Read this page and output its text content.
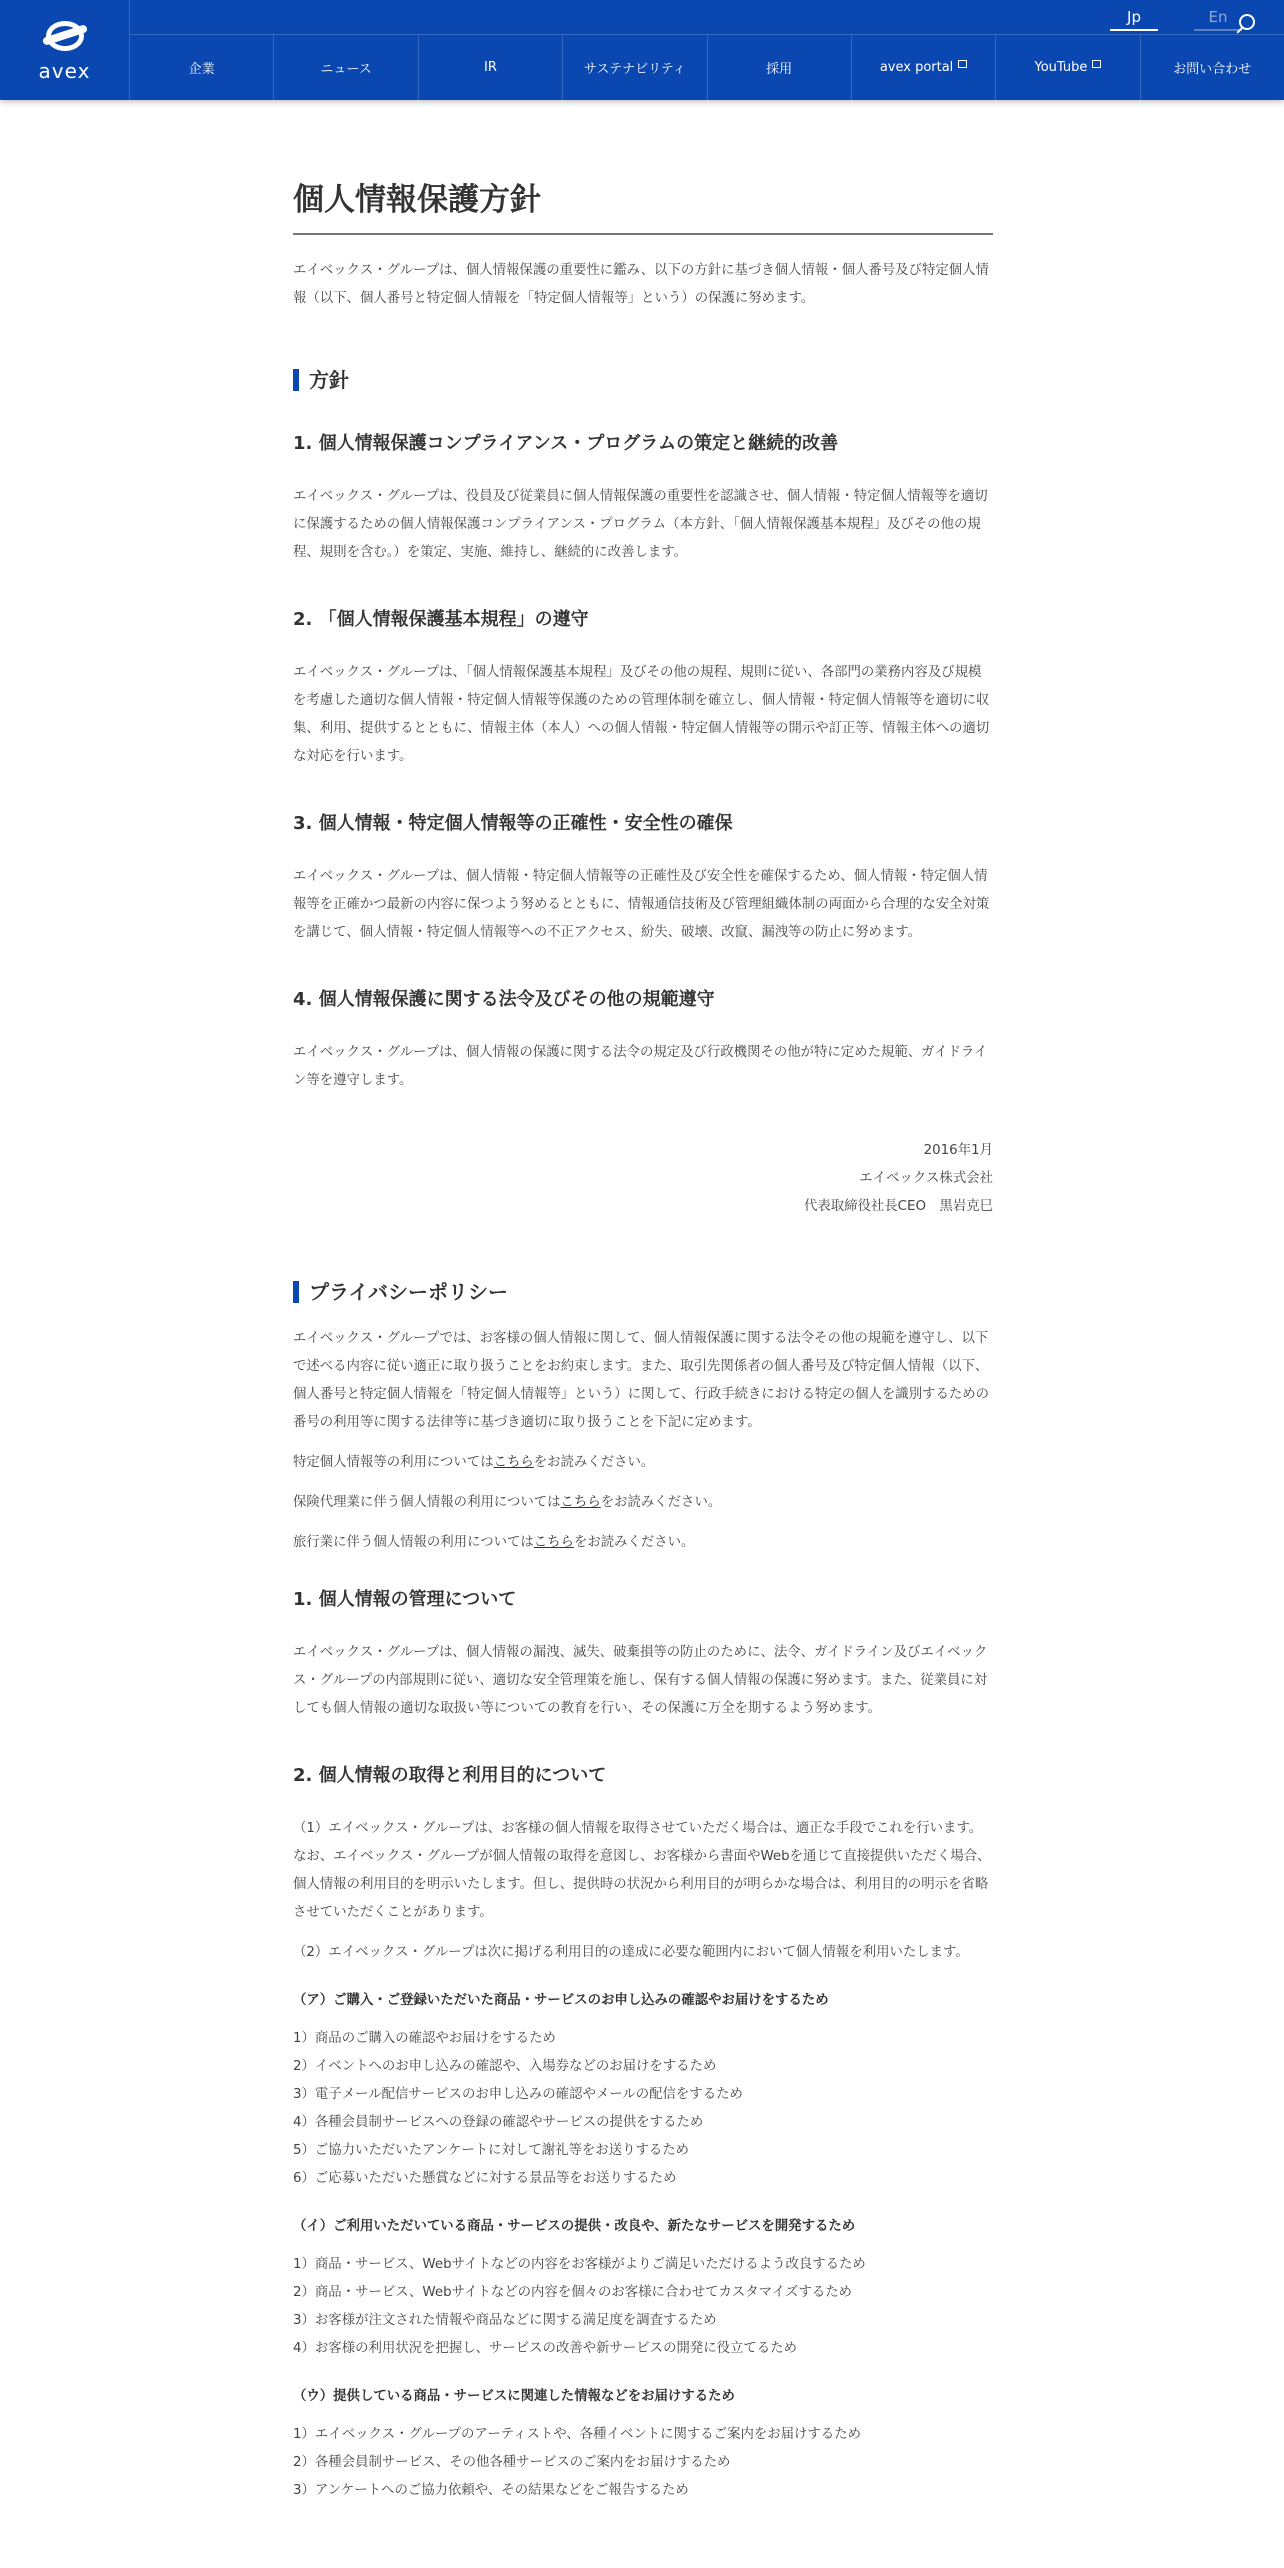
avex
Jp	En
企業	ニュース	IR	サステナビリティ	採用	avex portal	YouTube	お問い合わせ
個人情報保護方針

エイベックス・グループは、個人情報保護の重要性に鑑み、以下の方針に基づき個人情報・個人番号及び特定個人情報（以下、個人番号と特定個人情報を「特定個人情報等」という）の保護に努めます。

方針
1. 個人情報保護コンプライアンス・プログラムの策定と継続的改善

エイベックス・グループは、役員及び従業員に個人情報保護の重要性を認識させ、個人情報・特定個人情報等を適切に保護するための個人情報保護コンプライアンス・プログラム（本方針、「個人情報保護基本規程」及びその他の規程、規則を含む。）を策定、実施、維持し、継続的に改善します。

2. 「個人情報保護基本規程」の遵守

エイベックス・グループは、「個人情報保護基本規程」及びその他の規程、規則に従い、各部門の業務内容及び規模を考慮した適切な個人情報・特定個人情報等保護のための管理体制を確立し、個人情報・特定個人情報等を適切に収集、利用、提供するとともに、情報主体（本人）への個人情報・特定個人情報等の開示や訂正等、情報主体への適切な対応を行います。

3. 個人情報・特定個人情報等の正確性・安全性の確保

エイベックス・グループは、個人情報・特定個人情報等の正確性及び安全性を確保するため、個人情報・特定個人情報等を正確かつ最新の内容に保つよう努めるとともに、情報通信技術及び管理組織体制の両面から合理的な安全対策を講じて、個人情報・特定個人情報等への不正アクセス、紛失、破壊、改竄、漏洩等の防止に努めます。

4. 個人情報保護に関する法令及びその他の規範遵守

エイベックス・グループは、個人情報の保護に関する法令の規定及び行政機関その他が特に定めた規範、ガイドライン等を遵守します。

2016年1月
エイベックス株式会社
代表取締役社長CEO　黒岩克巳
プライバシーポリシー

エイベックス・グループでは、お客様の個人情報に関して、個人情報保護に関する法令その他の規範を遵守し、以下で述べる内容に従い適正に取り扱うことをお約束します。また、取引先関係者の個人番号及び特定個人情報（以下、個人番号と特定個人情報を「特定個人情報等」という）に関して、行政手続きにおける特定の個人を識別するための番号の利用等に関する法律等に基づき適切に取り扱うことを下記に定めます。

特定個人情報等の利用についてはこちらをお読みください。

保険代理業に伴う個人情報の利用についてはこちらをお読みください。

旅行業に伴う個人情報の利用についてはこちらをお読みください。

1. 個人情報の管理について

エイベックス・グループは、個人情報の漏洩、滅失、破棄損等の防止のために、法令、ガイドライン及びエイベックス・グループの内部規則に従い、適切な安全管理策を施し、保有する個人情報の保護に努めます。また、従業員に対しても個人情報の適切な取扱い等についての教育を行い、その保護に万全を期するよう努めます。

2. 個人情報の取得と利用目的について

（1）エイベックス・グループは、お客様の個人情報を取得させていただく場合は、適正な手段でこれを行います。なお、エイベックス・グループが個人情報の取得を意図し、お客様から書面やWebを通じて直接提供いただく場合、個人情報の利用目的を明示いたします。但し、提供時の状況から利用目的が明らかな場合は、利用目的の明示を省略させていただくことがあります。

（2）エイベックス・グループは次に掲げる利用目的の達成に必要な範囲内において個人情報を利用いたします。

（ア）ご購入・ご登録いただいた商品・サービスのお申し込みの確認やお届けをするため
1）商品のご購入の確認やお届けをするため
2）イベントへのお申し込みの確認や、入場券などのお届けをするため
3）電子メール配信サービスのお申し込みの確認やメールの配信をするため
4）各種会員制サービスへの登録の確認やサービスの提供をするため
5）ご協力いただいたアンケートに対して謝礼等をお送りするため
6）ご応募いただいた懸賞などに対する景品等をお送りするため
（イ）ご利用いただいている商品・サービスの提供・改良や、新たなサービスを開発するため
1）商品・サービス、Webサイトなどの内容をお客様がよりご満足いただけるよう改良するため
2）商品・サービス、Webサイトなどの内容を個々のお客様に合わせてカスタマイズするため
3）お客様が注文された情報や商品などに関する満足度を調査するため
4）お客様の利用状況を把握し、サービスの改善や新サービスの開発に役立てるため
（ウ）提供している商品・サービスに関連した情報などをお届けするため
1）エイベックス・グループのアーティストや、各種イベントに関するご案内をお届けするため
2）各種会員制サービス、その他各種サービスのご案内をお届けするため
3）アンケートへのご協力依頼や、その結果などをご報告するため
